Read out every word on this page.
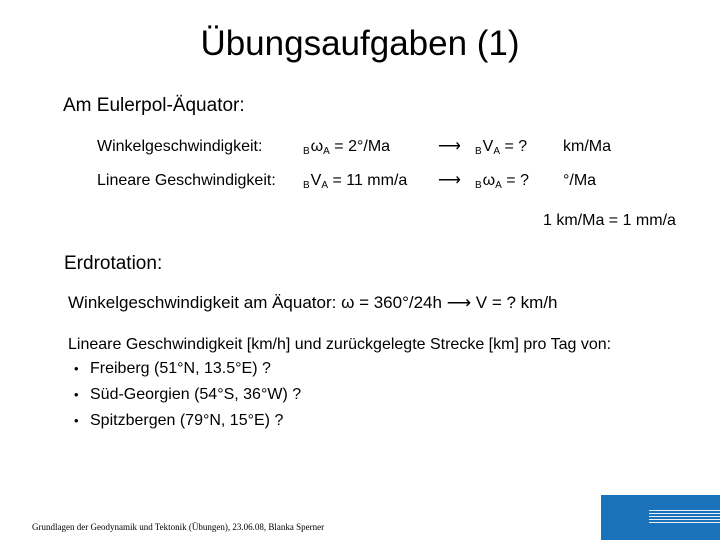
Übungsaufgaben (1)
Am Eulerpol-Äquator:
Winkelgeschwindigkeit:	$B\omega_A = 2^\circ/Ma$	⟶ $BV_A$ = ? km/Ma
Lineare Geschwindigkeit:	$BV_A = 11$ mm/a ⟶ $B\omega_A$ = ? °/Ma
1 km/Ma = 1 mm/a
Erdrotation:
Winkelgeschwindigkeit am Äquator: ω = 360°/24h ⟶ V = ? km/h
Lineare Geschwindigkeit [km/h] und zurückgelegte Strecke [km] pro Tag von:
• Freiberg (51°N, 13.5°E) ?
• Süd-Georgien (54°S, 36°W) ?
• Spitzbergen (79°N, 15°E) ?
Grundlagen der Geodynamik und Tektonik (Übungen), 23.06.08, Blanka Sperner
14
